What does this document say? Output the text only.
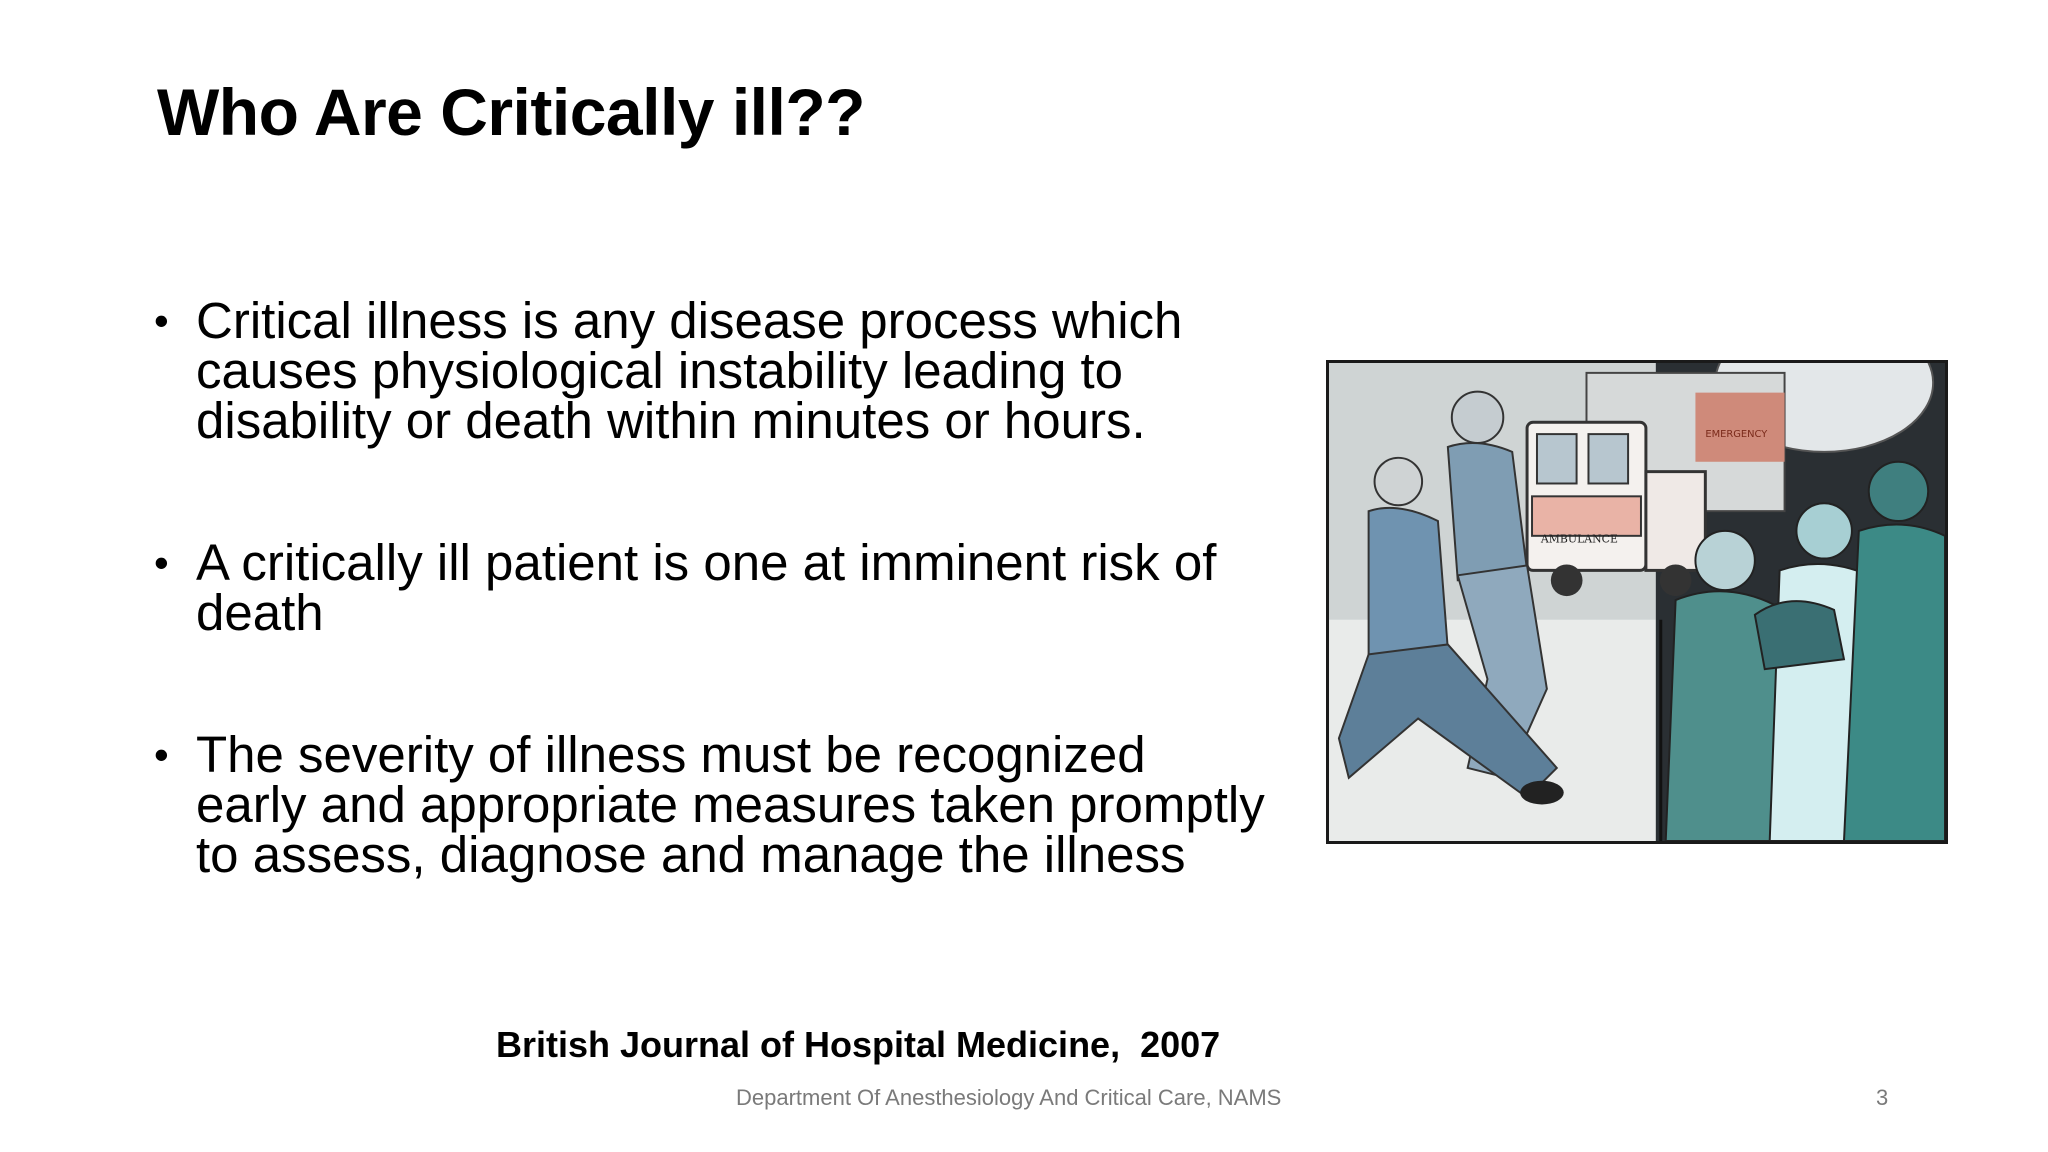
Who Are Critically ill??
• Critical illness is any disease process which causes physiological instability leading to disability or death within minutes or hours.
• A critically ill patient is one at imminent risk of death
• The severity of illness must be recognized early and appropriate measures taken promptly to assess, diagnose and manage the illness
EMERGENCY
AMBULANCE
British Journal of Hospital Medicine,  2007
Department Of Anesthesiology And Critical Care, NAMS	3
